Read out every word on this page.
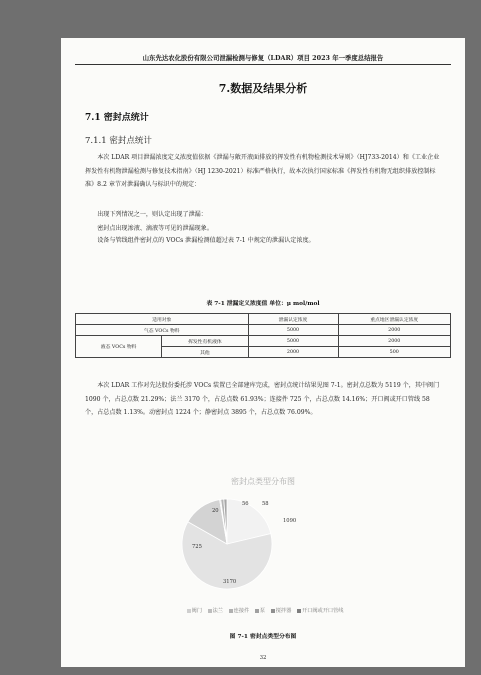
山东先达农化股份有限公司泄漏检测与修复（LDAR）项目 2023 年一季度总结报告
7.数据及结果分析
7.1 密封点统计
7.1.1 密封点统计

本次 LDAR 项目泄漏浓度定义浓度值依据《泄漏与敞开液面排放的挥发性有机物检测技术导则》（HJ733-2014）和《工业企业挥发性有机物泄漏检测与修复技术指南》（HJ 1230-2021）标准严格执行，故本次执行国家标准《挥发性有机物无组织排放控制标准》8.2 章节对泄漏确认与标识中的规定：

出现下列情况之一，则认定出现了泄漏：
密封点出现渗液、滴液等可见的泄漏现象。

设备与管线组件密封点的 VOCs 泄漏检测值超过表 7-1 中规定的泄漏认定浓度。

表 7-1 泄漏定义浓度值 单位：μ mol/mol
适用对象		泄漏认定浓度	重点地区泄漏认定浓度
气态 VOCs 物料		5000	2000
液态 VOCs 物料	挥发性有机液体	5000	2000
	其他	2000	500

本次 LDAR 工作对先达股份委托涉 VOCs 装置已全部建库完成，密封点统计结果见图 7-1。密封点总数为 5119 个，其中阀门 1090 个，占总点数 21.29%；法兰 3170 个，占总点数 61.93%；连接件 725 个，占总点数 14.16%；开口阀或开口管线 58 个，占总点数 1.13%。动密封点 1224 个；静密封点 3895 个，占总点数 76.09%。

密封点类型分布图
56	58
20
1090
725
3170
阀门 法兰 连接件 泵 搅拌器 开口阀或开口管线
图 7-1 密封点类型分布图
32
